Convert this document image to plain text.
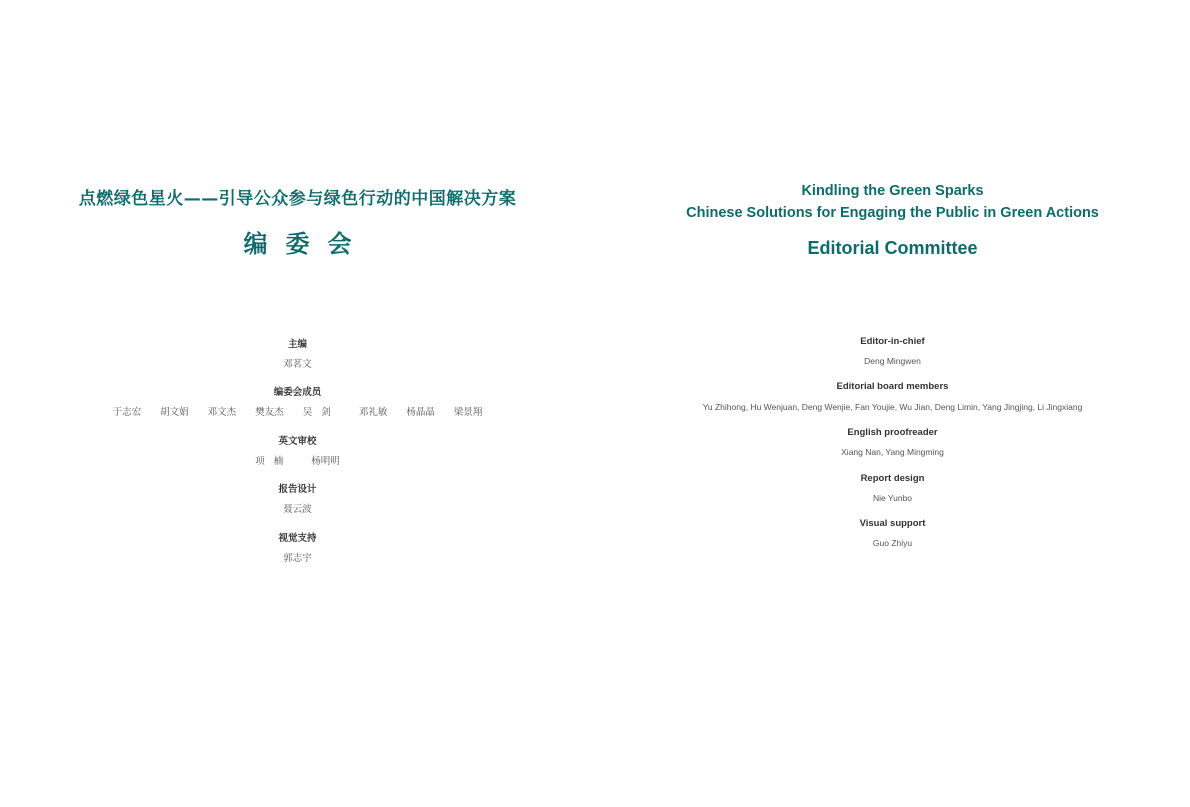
点燃绿色星火——引导公众参与绿色行动的中国解决方案
编委会
主编
邓茗文
编委会成员
于志宏 胡文娟 邓文杰 樊友杰 吴剑 邓礼敏 杨晶晶 梁景翔
英文审校
项楠 杨明明
报告设计
聂云波
视觉支持
郭志宇
Kindling the Green Sparks
Chinese Solutions for Engaging the Public in Green Actions
Editorial Committee
Editor-in-chief
Deng Mingwen
Editorial board members
Yu Zhihong, Hu Wenjuan, Deng Wenjie, Fan Youjie, Wu Jian, Deng Limin, Yang Jingjing, Li Jingxiang
English proofreader
Xiang Nan, Yang Mingming
Report design
Nie Yunbo
Visual support
Guo Zhiyu
